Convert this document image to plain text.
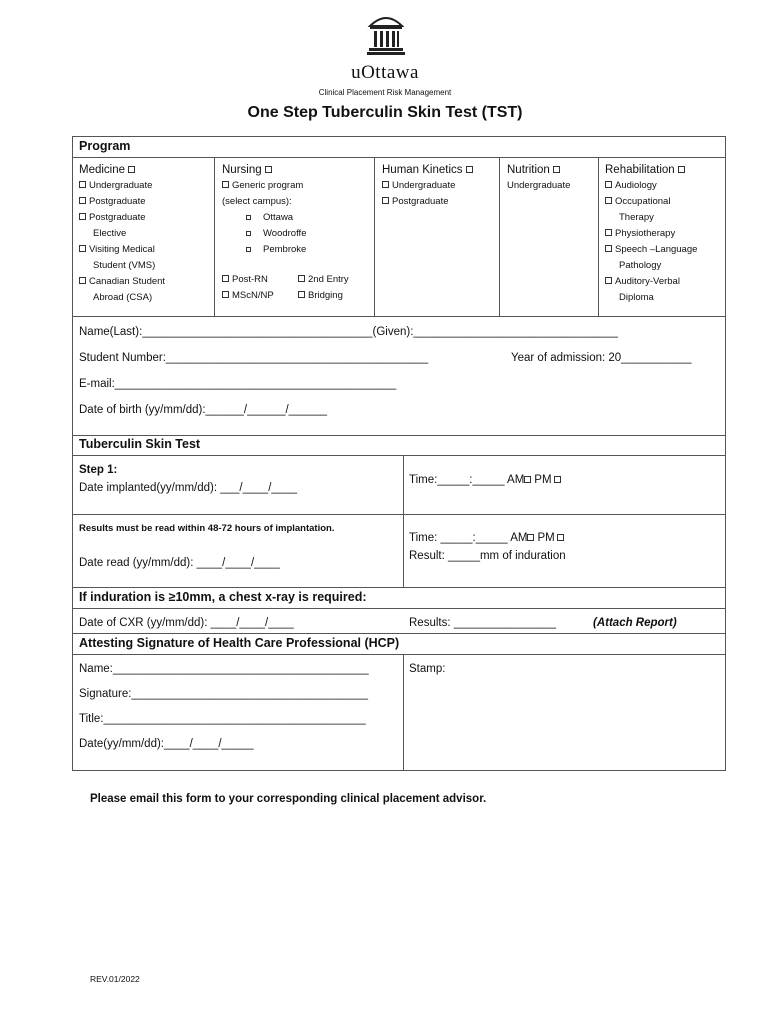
uOttawa
Clinical Placement Risk Management
One Step Tuberculin Skin Test (TST)
Program
Medicine
Undergraduate
Postgraduate
Postgraduate
Elective
Visiting Medical
Student (VMS)
Canadian Student
Abroad (CSA)
Nursing
Generic program
(select campus):
Ottawa
Woodroffe
Pembroke
Post-RN	2nd Entry
MScN/NP	Bridging
Human Kinetics
Undergraduate
Postgraduate
Nutrition
Undergraduate
Rehabilitation
Audiology
Occupational
Therapy
Physiotherapy
Speech –Language
Pathology
Auditory-Verbal
Diploma
Name(Last):____________________________________(Given):________________________________
Student Number:_________________________________________	Year of admission: 20___________
E-mail:____________________________________________
Date of birth (yy/mm/dd):______/______/______
Tuberculin Skin Test
Step 1:
Date implanted(yy/mm/dd): ___/____/____
Time:_____:_____ AM PM
Results must be read within 48-72 hours of implantation.
Date read (yy/mm/dd): ____/____/____
Time: _____:_____ AM PM
Result: _____mm of induration
If induration is ≥10mm, a chest x-ray is required:
Date of CXR (yy/mm/dd): ____/____/____	Results: ________________	(Attach Report)
Attesting Signature of Health Care Professional (HCP)
Name:________________________________________
Signature:_____________________________________
Title:_________________________________________
Date(yy/mm/dd):____/____/_____
Stamp:
Please email this form to your corresponding clinical placement advisor.
REV.01/2022
